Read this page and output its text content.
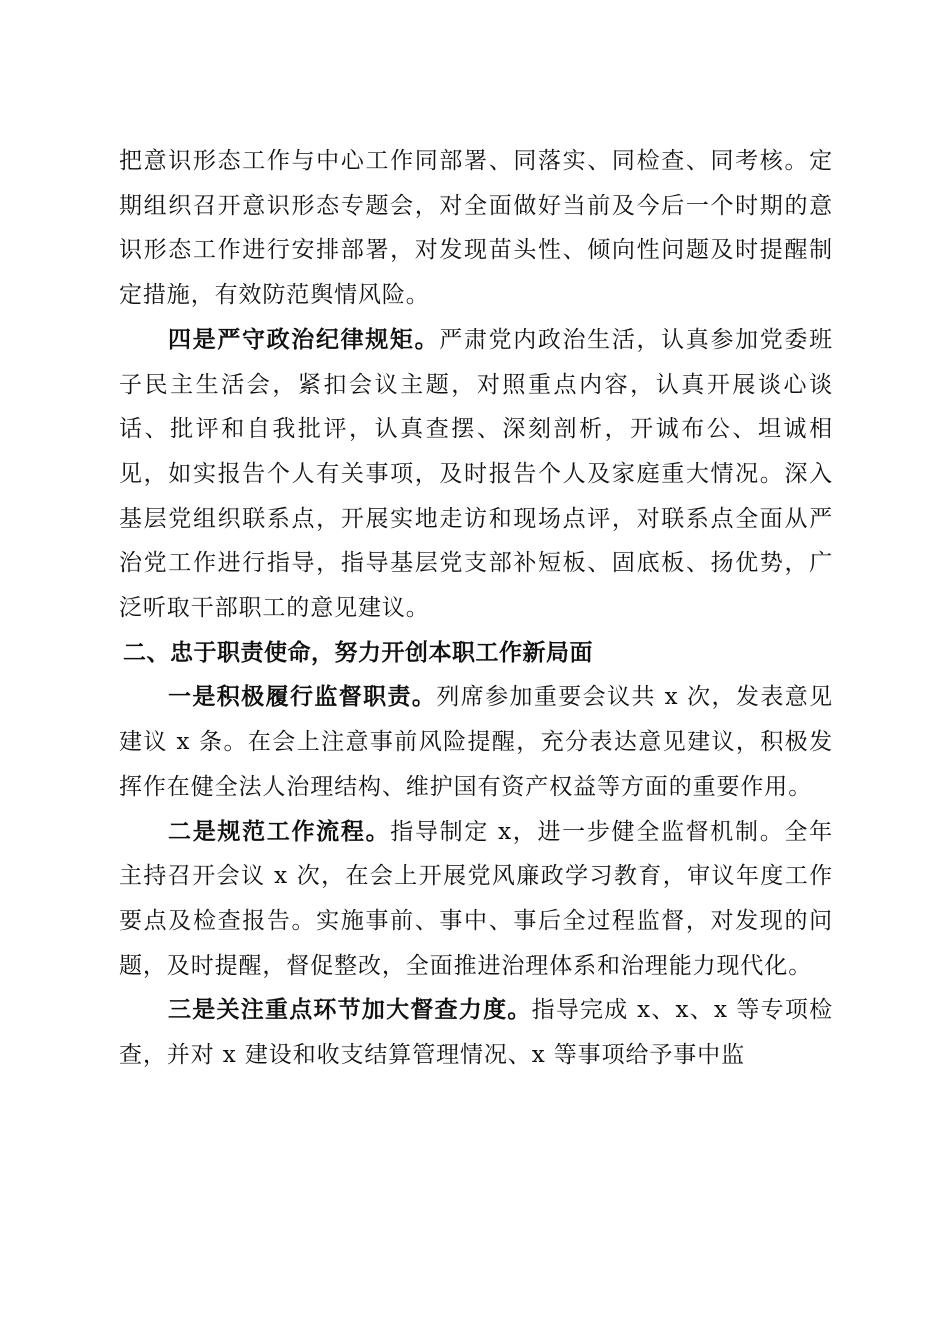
把意识形态工作与中心工作同部署、同落实、同检查、同考核。定期组织召开意识形态专题会，对全面做好当前及今后一个时期的意识形态工作进行安排部署，对发现苗头性、倾向性问题及时提醒制定措施，有效防范舆情风险。

四是严守政治纪律规矩。严肃党内政治生活，认真参加党委班子民主生活会，紧扣会议主题，对照重点内容，认真开展谈心谈话、批评和自我批评，认真查摆、深刻剖析，开诚布公、坦诚相见，如实报告个人有关事项，及时报告个人及家庭重大情况。深入基层党组织联系点，开展实地走访和现场点评，对联系点全面从严治党工作进行指导，指导基层党支部补短板、固底板、扬优势，广泛听取干部职工的意见建议。

二、忠于职责使命，努力开创本职工作新局面

一是积极履行监督职责。列席参加重要会议共 x 次，发表意见建议 x 条。在会上注意事前风险提醒，充分表达意见建议，积极发挥作在健全法人治理结构、维护国有资产权益等方面的重要作用。

二是规范工作流程。指导制定 x，进一步健全监督机制。全年主持召开会议 x 次，在会上开展党风廉政学习教育，审议年度工作要点及检查报告。实施事前、事中、事后全过程监督，对发现的问题，及时提醒，督促整改，全面推进治理体系和治理能力现代化。

三是关注重点环节加大督查力度。指导完成 x、x、x 等专项检查，并对 x 建设和收支结算管理情况、x 等事项给予事中监
